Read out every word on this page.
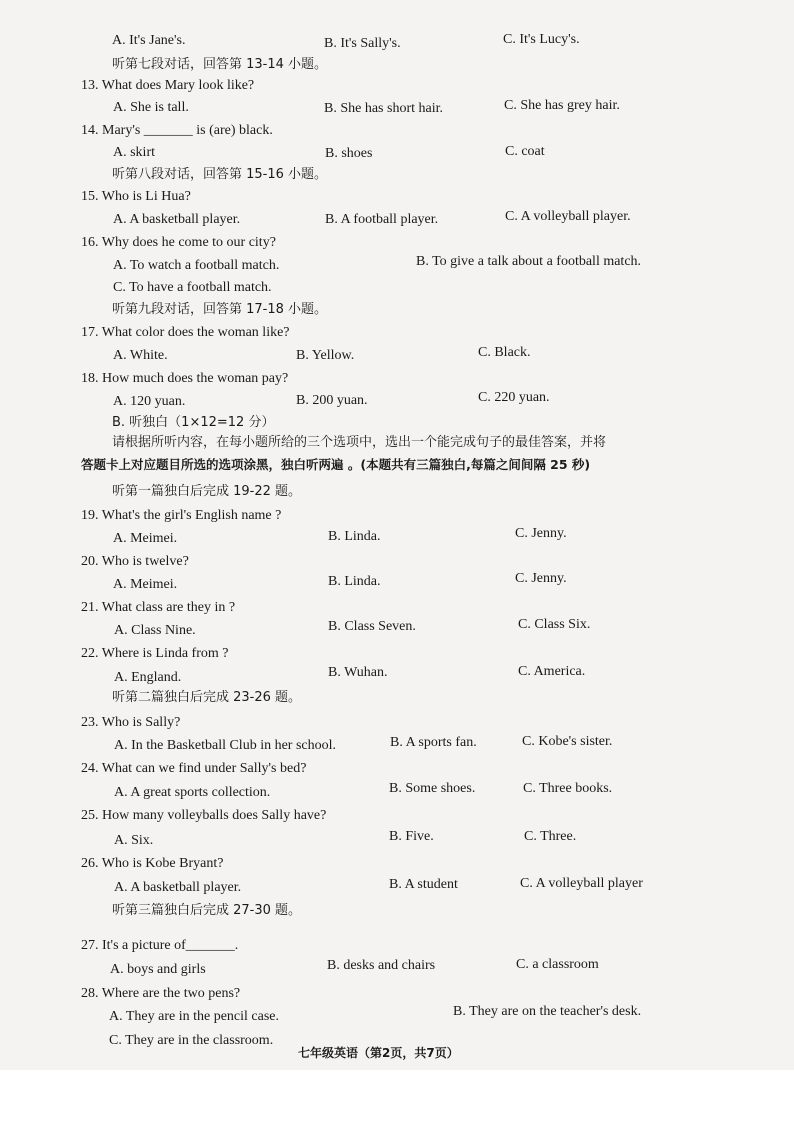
A. It's Jane's.	B. It's Sally's.	C. It's Lucy's.
听第七段对话，回答第 13-14 小题。
13. What does Mary look like?
A. She is tall.	B. She has short hair.	C. She has grey hair.
14. Mary's _______ is (are) black.
A. skirt	B. shoes	C. coat
听第八段对话，回答第 15-16 小题。
15. Who is Li Hua?
A. A basketball player.	B. A football player.	C. A volleyball player.
16. Why does he come to our city?
A. To watch a football match.	B. To give a talk about a football match.
C. To have a football match.
听第九段对话，回答第 17-18 小题。
17. What color does the woman like?
A. White.	B. Yellow.	C. Black.
18. How much does the woman pay?
A. 120 yuan.	B. 200 yuan.	C. 220 yuan.
B. 听独白（1×12=12 分）
请根据所听内容，在每小题所给的三个选项中，选出一个能完成句子的最佳答案，并将
答题卡上对应题目所选的选项涂黑，独白听两遍 。(本题共有三篇独白,每篇之间间隔 25 秒)
听第一篇独白后完成 19-22 题。
19. What's the girl's English name ?
A. Meimei.	B. Linda.	C. Jenny.
20. Who is twelve?
A. Meimei.	B. Linda.	C. Jenny.
21. What class are they in ?
A. Class Nine.	B. Class Seven.	C. Class Six.
22. Where is Linda from ?
A. England.	B. Wuhan.	C. America.
听第二篇独白后完成 23-26 题。
23. Who is Sally?
A. In the Basketball Club in her school.	B. A sports fan.	C. Kobe's sister.
24. What can we find under Sally's bed?
A. A great sports collection.	B. Some shoes.	C. Three books.
25. How many volleyballs does Sally have?
A. Six.	B. Five.	C. Three.
26. Who is Kobe Bryant?
A. A basketball player.	B. A student	C. A volleyball player
听第三篇独白后完成 27-30 题。
27. It's a picture of_______.
A. boys and girls	B. desks and chairs	C. a classroom
28. Where are the two pens?
A. They are in the pencil case.	B. They are on the teacher's desk.
C. They are in the classroom.
七年级英语（第2页，共7页）
